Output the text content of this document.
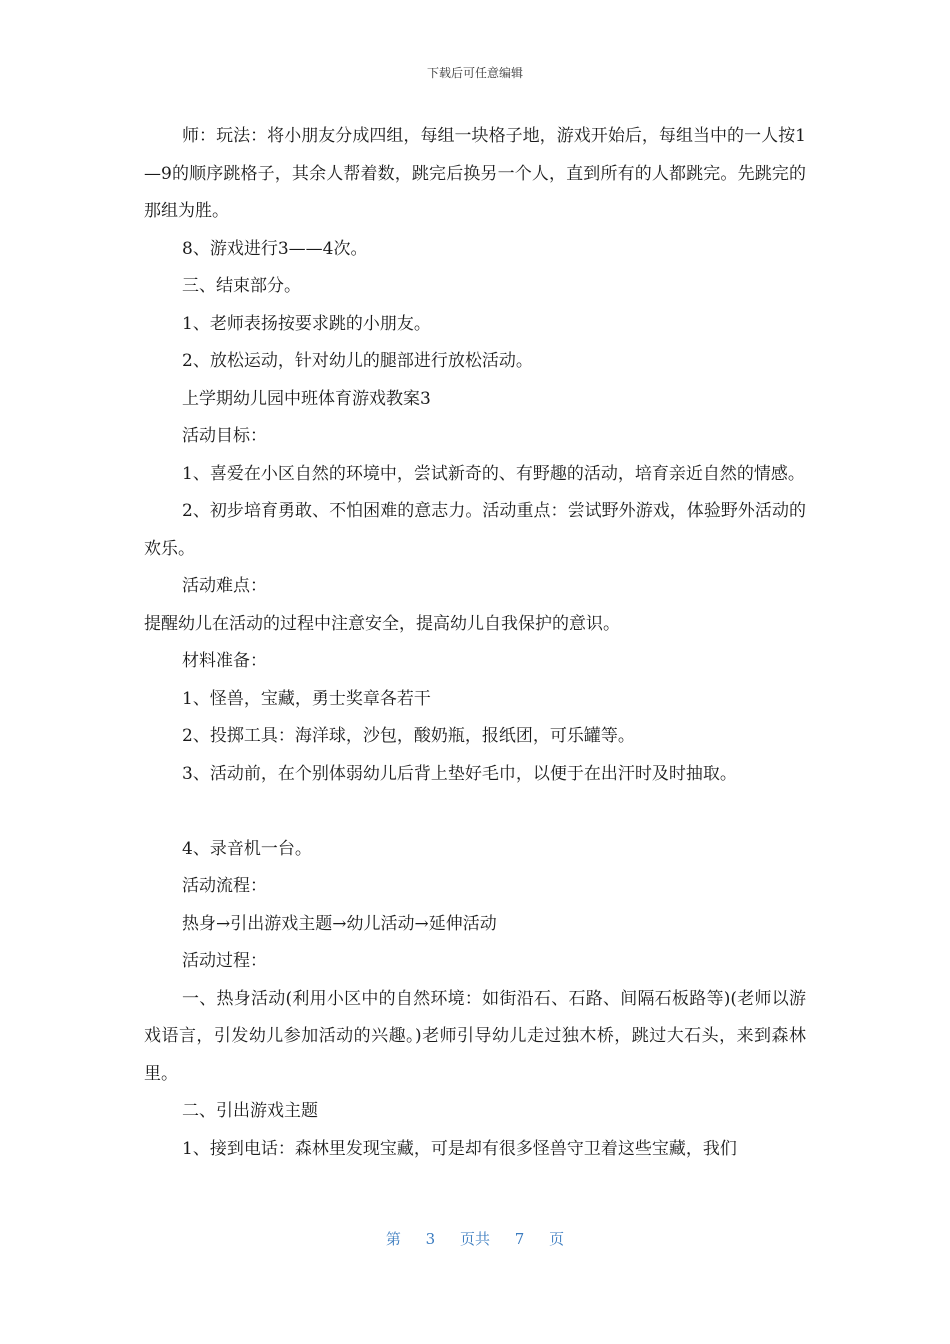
下载后可任意编辑

师：玩法：将小朋友分成四组，每组一块格子地，游戏开始后，每组当中的一人按1—9的顺序跳格子，其余人帮着数，跳完后换另一个人，直到所有的人都跳完。先跳完的那组为胜。

8、游戏进行3——4次。

三、结束部分。

1、老师表扬按要求跳的小朋友。

2、放松运动，针对幼儿的腿部进行放松活动。

上学期幼儿园中班体育游戏教案3

活动目标：

1、喜爱在小区自然的环境中，尝试新奇的、有野趣的活动，培育亲近自然的情感。

2、初步培育勇敢、不怕困难的意志力。活动重点：尝试野外游戏，体验野外活动的欢乐。

活动难点：

提醒幼儿在活动的过程中注意安全，提高幼儿自我保护的意识。

材料准备：

1、怪兽，宝藏，勇士奖章各若干

2、投掷工具：海洋球，沙包，酸奶瓶，报纸团，可乐罐等。

3、活动前，在个别体弱幼儿后背上垫好毛巾，以便于在出汗时及时抽取。

4、录音机一台。

活动流程：

热身→引出游戏主题→幼儿活动→延伸活动

活动过程：

一、热身活动(利用小区中的自然环境：如街沿石、石路、间隔石板路等)(老师以游戏语言，引发幼儿参加活动的兴趣。)老师引导幼儿走过独木桥，跳过大石头，来到森林里。

二、引出游戏主题

1、接到电话：森林里发现宝藏，可是却有很多怪兽守卫着这些宝藏，我们

第 3 页共 7 页
